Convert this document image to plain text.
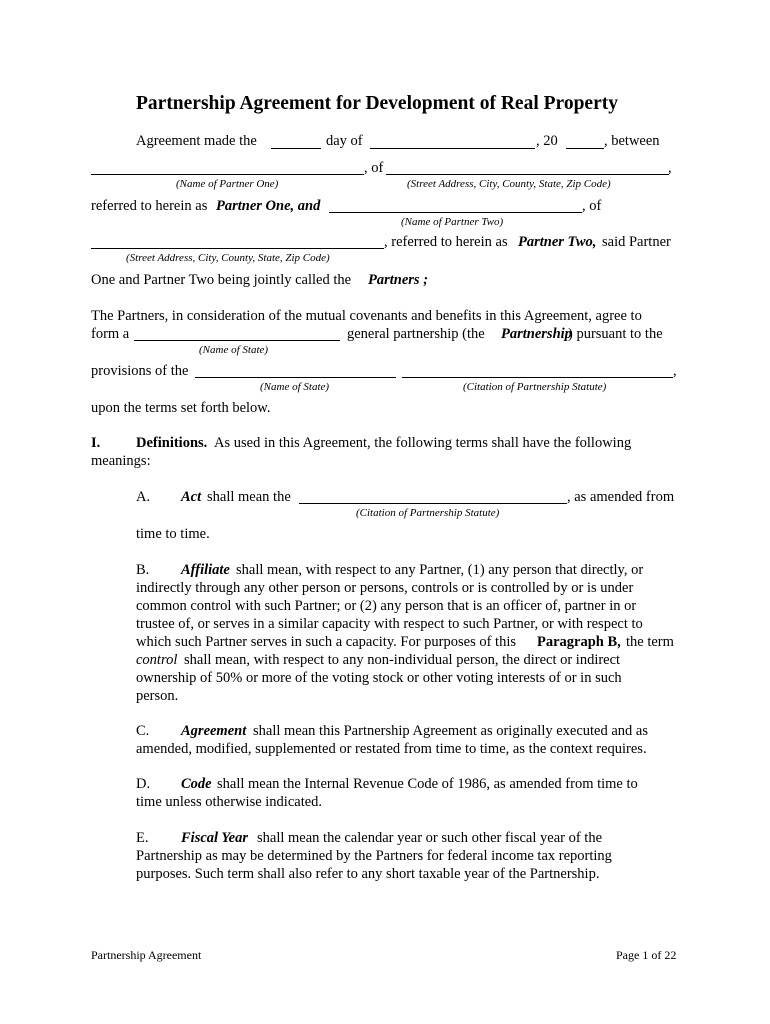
Partnership Agreement for Development of Real Property
Agreement made the	day of	, 20	, between
, of	,
(Name of Partner One)	(Street Address, City, County, State, Zip Code)
referred to herein as Partner One, and	, of
(Name of Partner Two)
, referred to herein as Partner Two, said Partner
(Street Address, City, County, State, Zip Code)
One and Partner Two being jointly called the Partners ;
The Partners, in consideration of the mutual covenants and benefits in this Agreement, agree to
form a	general partnership (the Partnership
) pursuant to the
(Name of State)
provisions of the	,
(Name of State)	(Citation of Partnership Statute)
upon the terms set forth below.
I. Definitions. As used in this Agreement, the following terms shall have the following
meanings:
A. Act shall mean the	, as amended from
(Citation of Partnership Statute)
time to time.
B. Affiliate shall mean, with respect to any Partner, (1) any person that directly, or
indirectly through any other person or persons, controls or is controlled by or is under
common control with such Partner; or (2) any person that is an officer of, partner in or
trustee of, or serves in a similar capacity with respect to such Partner, or with respect to
which such Partner serves in such a capacity. For purposes of this Paragraph B, the term
control shall mean, with respect to any non-individual person, the direct or indirect
ownership of 50% or more of the voting stock or other voting interests of or in such
person.
C. Agreement shall mean this Partnership Agreement as originally executed and as
amended, modified, supplemented or restated from time to time, as the context requires.
D. Code shall mean the Internal Revenue Code of 1986, as amended from time to
time unless otherwise indicated.
E. Fiscal Year shall mean the calendar year or such other fiscal year of the
Partnership as may be determined by the Partners for federal income tax reporting
purposes. Such term shall also refer to any short taxable year of the Partnership.
Partnership Agreement	Page 1 of 22
